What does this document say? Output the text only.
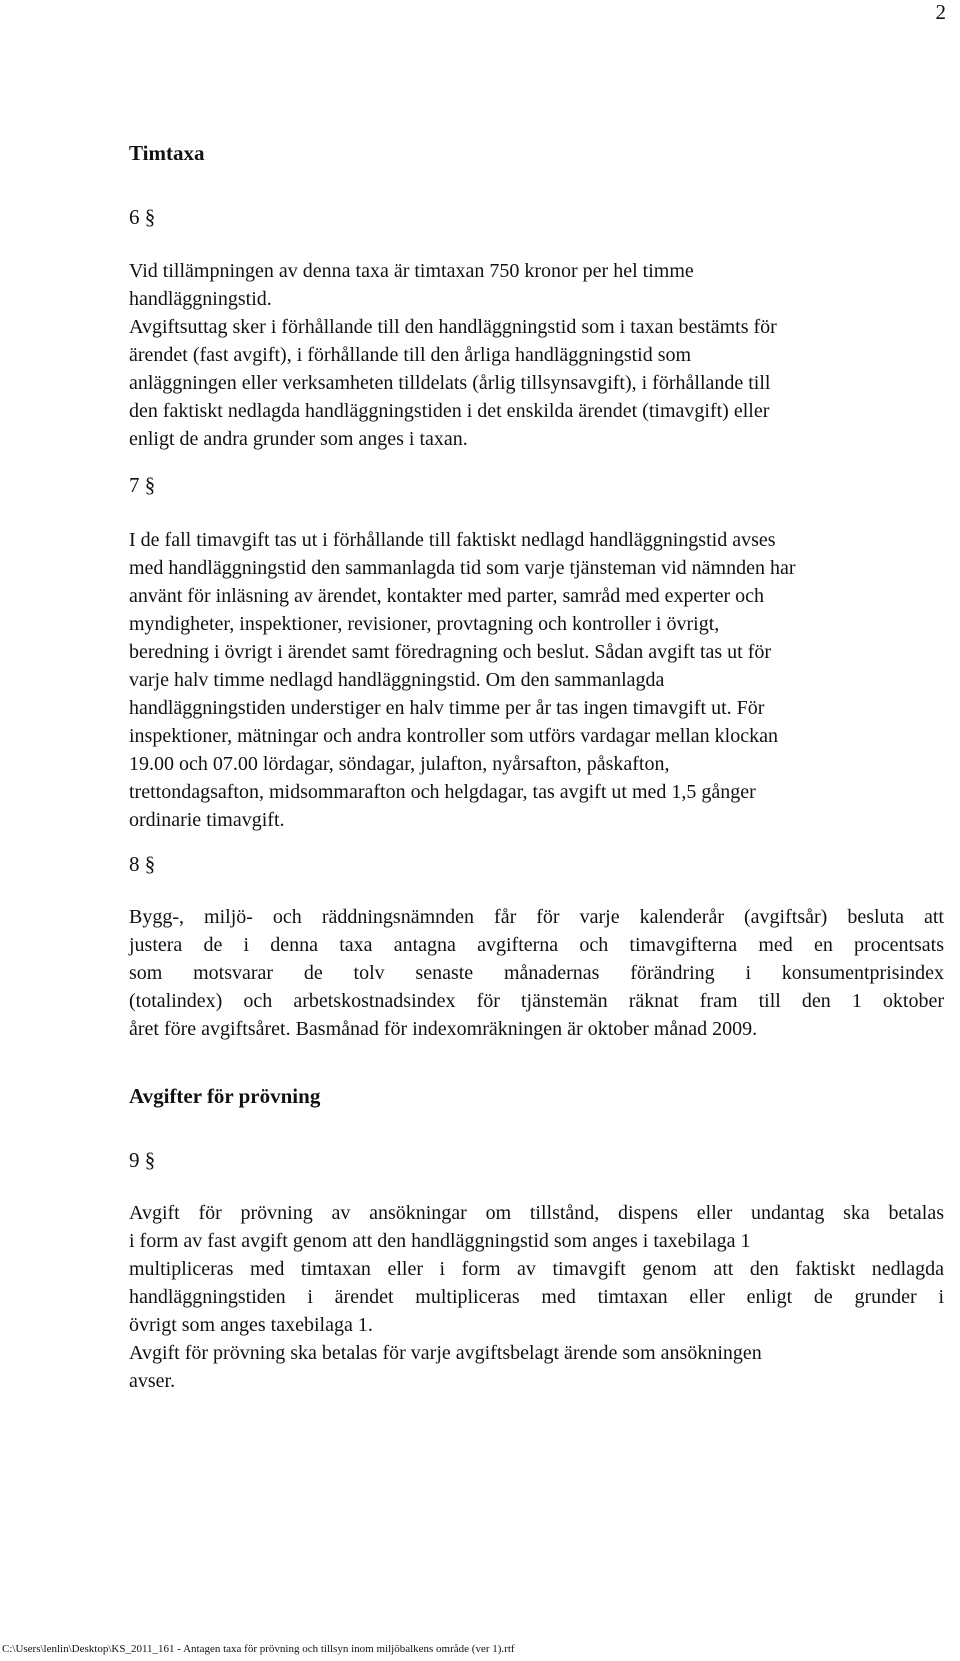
2
Timtaxa
6 §
Vid tillämpningen av denna taxa är timtaxan 750 kronor per hel timme
handläggningstid.
Avgiftsuttag sker i förhållande till den handläggningstid som i taxan bestämts för
ärendet (fast avgift), i förhållande till den årliga handläggningstid som
anläggningen eller verksamheten tilldelats (årlig tillsynsavgift), i förhållande till
den faktiskt nedlagda handläggningstiden i det enskilda ärendet (timavgift) eller
enligt de andra grunder som anges i taxan.
7 §
I de fall timavgift tas ut i förhållande till faktiskt nedlagd handläggningstid avses
med handläggningstid den sammanlagda tid som varje tjänsteman vid nämnden har
använt för inläsning av ärendet, kontakter med parter, samråd med experter och
myndigheter, inspektioner, revisioner, provtagning och kontroller i övrigt,
beredning i övrigt i ärendet samt föredragning och beslut. Sådan avgift tas ut för
varje halv timme nedlagd handläggningstid. Om den sammanlagda
handläggningstiden understiger en halv timme per år tas ingen timavgift ut. För
inspektioner, mätningar och andra kontroller som utförs vardagar mellan klockan
19.00 och 07.00 lördagar, söndagar, julafton, nyårsafton, påskafton,
trettondagsafton, midsommarafton och helgdagar, tas avgift ut med 1,5 gånger
ordinarie timavgift.
8 §
Bygg-, miljö- och räddningsnämnden får för varje kalenderår (avgiftsår) besluta att
justera de i denna taxa antagna avgifterna och timavgifterna med en procentsats
som motsvarar de tolv senaste månadernas förändring i konsumentprisindex
(totalindex) och arbetskostnadsindex för tjänstemän räknat fram till den 1 oktober
året före avgiftsåret. Basmånad för indexomräkningen är oktober månad 2009.
Avgifter för prövning
9 §
Avgift för prövning av ansökningar om tillstånd, dispens eller undantag ska betalas
i form av fast avgift genom att den handläggningstid som anges i taxebilaga 1
multipliceras med timtaxan eller i form av timavgift genom att den faktiskt nedlagda
handläggningstiden i ärendet multipliceras med timtaxan eller enligt de grunder i
övrigt som anges taxebilaga 1.
Avgift för prövning ska betalas för varje avgiftsbelagt ärende som ansökningen
avser.
C:\Users\lenlin\Desktop\KS_2011_161 - Antagen taxa för prövning och tillsyn inom miljöbalkens område (ver 1).rtf
